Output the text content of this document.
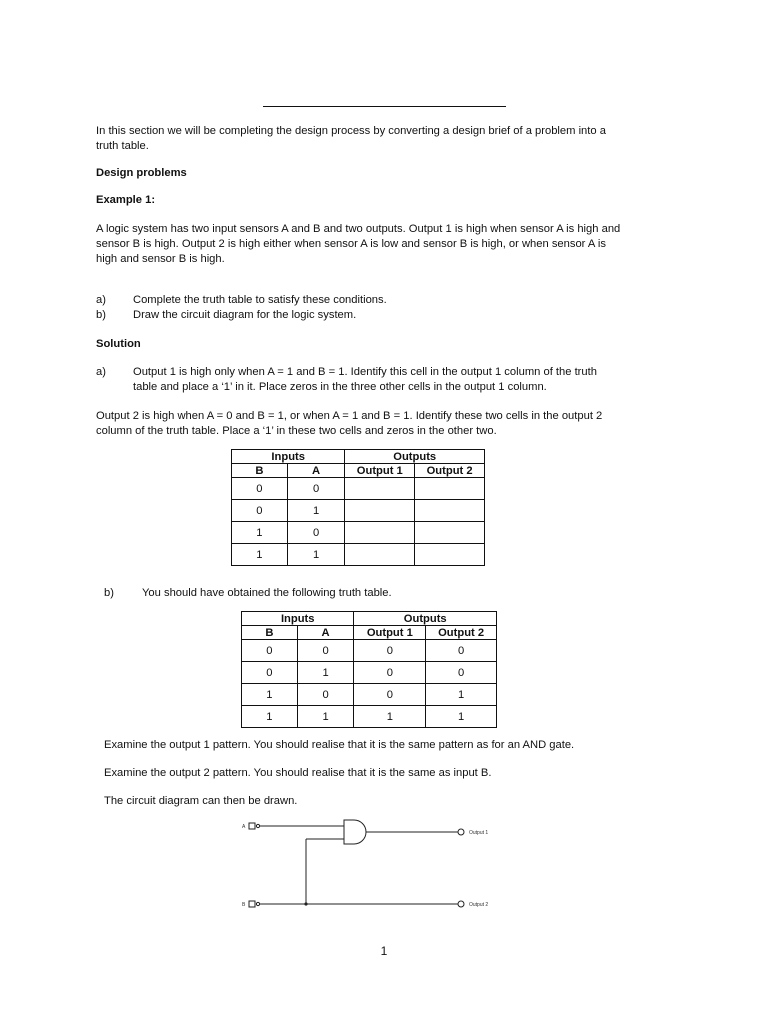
In this section we will be completing the design process by converting a design brief of a problem into a truth table.

Design problems

Example 1:

A logic system has two input sensors A and B and two outputs. Output 1 is high when sensor A is high and

sensor B is high. Output 2 is high either when sensor A is low and sensor B is high, or when sensor A is

high and sensor B is high.

a) Complete the truth table to satisfy these conditions.
b) Draw the circuit diagram for the logic system.

Solution

a) Output 1 is high only when A = 1 and B = 1. Identify this cell in the output 1 column of the truth
table and place a ‘1’ in it. Place zeros in the three other cells in the output 1 column.

Output 2 is high when A = 0 and B = 1, or when A = 1 and B = 1. Identify these two cells in the output 2

column of the truth table. Place a ‘1’ in these two cells and zeros in the other two.

Inputs		Outputs	
B	A	Output 1	Output 2
0	0		
0	1		
1	0		
1	1		
b)	You should have obtained the following truth table.
Inputs		Outputs	
B	A	Output 1	Output 2
0	0	0	0
0	1	0	0
1	0	0	1
1	1	1	1

Examine the output 1 pattern. You should realise that it is the same pattern as for an AND gate.

Examine the output 2 pattern. You should realise that it is the same as input B.

The circuit diagram can then be drawn.

A
B
Output 1
Output 2
1
